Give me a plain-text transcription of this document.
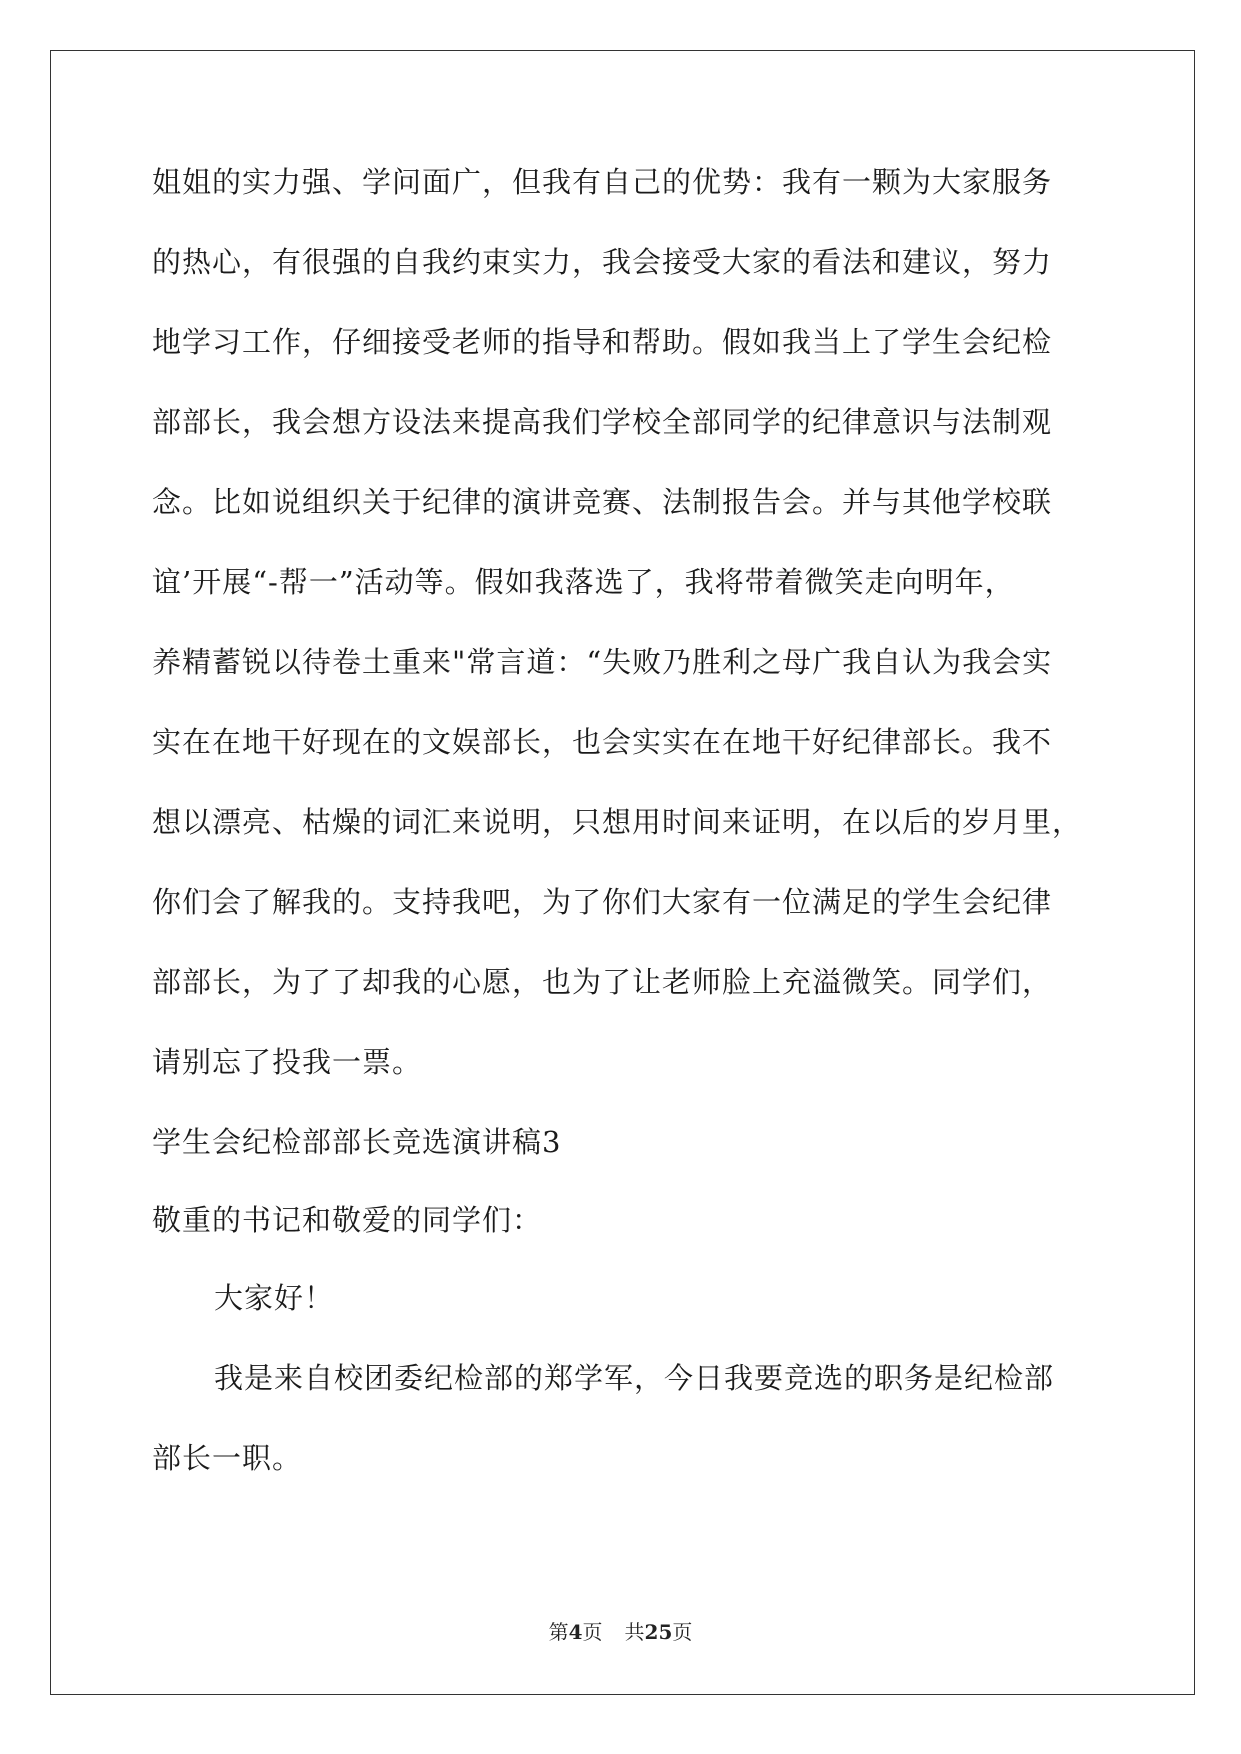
姐姐的实力强、学问面广，但我有自己的优势：我有一颗为大家服务
的热心，有很强的自我约束实力，我会接受大家的看法和建议，努力
地学习工作，仔细接受老师的指导和帮助。假如我当上了学生会纪检
部部长，我会想方设法来提高我们学校全部同学的纪律意识与法制观
念。比如说组织关于纪律的演讲竞赛、法制报告会。并与其他学校联
谊’开展“-帮一”活动等。假如我落选了，我将带着微笑走向明年，
养精蓄锐以待卷土重来"常言道：“失败乃胜利之母广我自认为我会实
实在在地干好现在的文娱部长，也会实实在在地干好纪律部长。我不
想以漂亮、枯燥的词汇来说明，只想用时间来证明，在以后的岁月里，
你们会了解我的。支持我吧，为了你们大家有一位满足的学生会纪律
部部长，为了了却我的心愿，也为了让老师脸上充溢微笑。同学们，
请别忘了投我一票。
学生会纪检部部长竞选演讲稿3
敬重的书记和敬爱的同学们：
大家好！
我是来自校团委纪检部的郑学军，今日我要竞选的职务是纪检部
部长一职。
第4页 共25页
